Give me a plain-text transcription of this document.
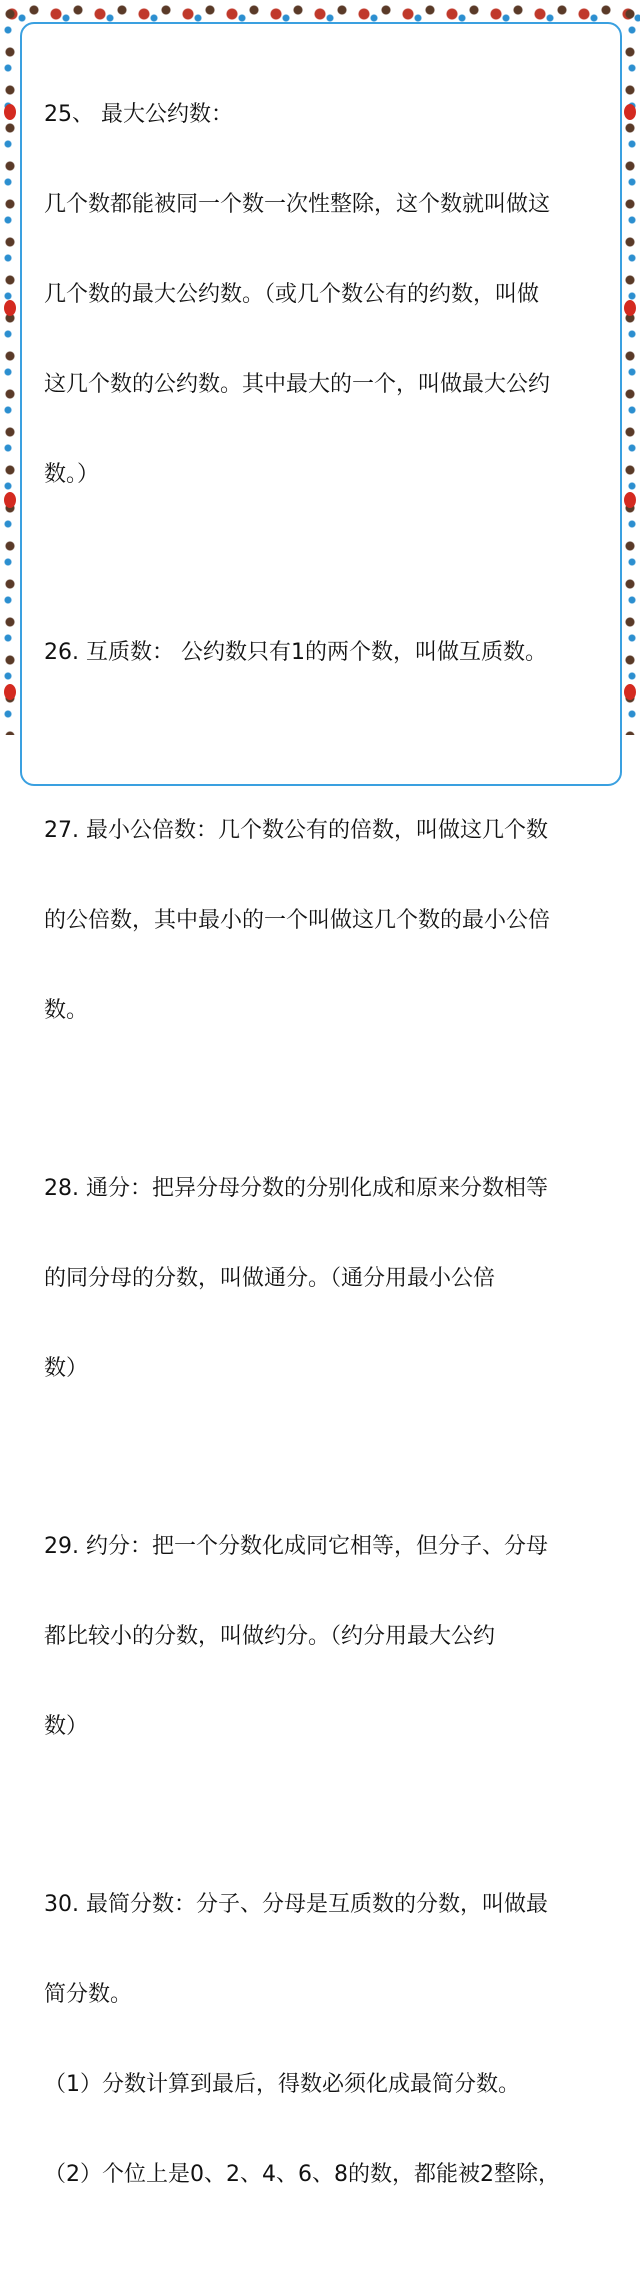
25、 最大公约数：

几个数都能被同一个数一次性整除，这个数就叫做这

几个数的最大公约数。（或几个数公有的约数，叫做

这几个数的公约数。其中最大的一个，叫做最大公约

数。）

26. 互质数： 公约数只有1的两个数，叫做互质数。

27. 最小公倍数：几个数公有的倍数，叫做这几个数

的公倍数，其中最小的一个叫做这几个数的最小公倍

数。

28. 通分：把异分母分数的分别化成和原来分数相等

的同分母的分数，叫做通分。（通分用最小公倍

数）

29. 约分：把一个分数化成同它相等，但分子、分母

都比较小的分数，叫做约分。（约分用最大公约

数）

30. 最简分数：分子、分母是互质数的分数，叫做最

简分数。

（1）分数计算到最后，得数必须化成最简分数。

（2）个位上是0、2、4、6、8的数，都能被2整除，
